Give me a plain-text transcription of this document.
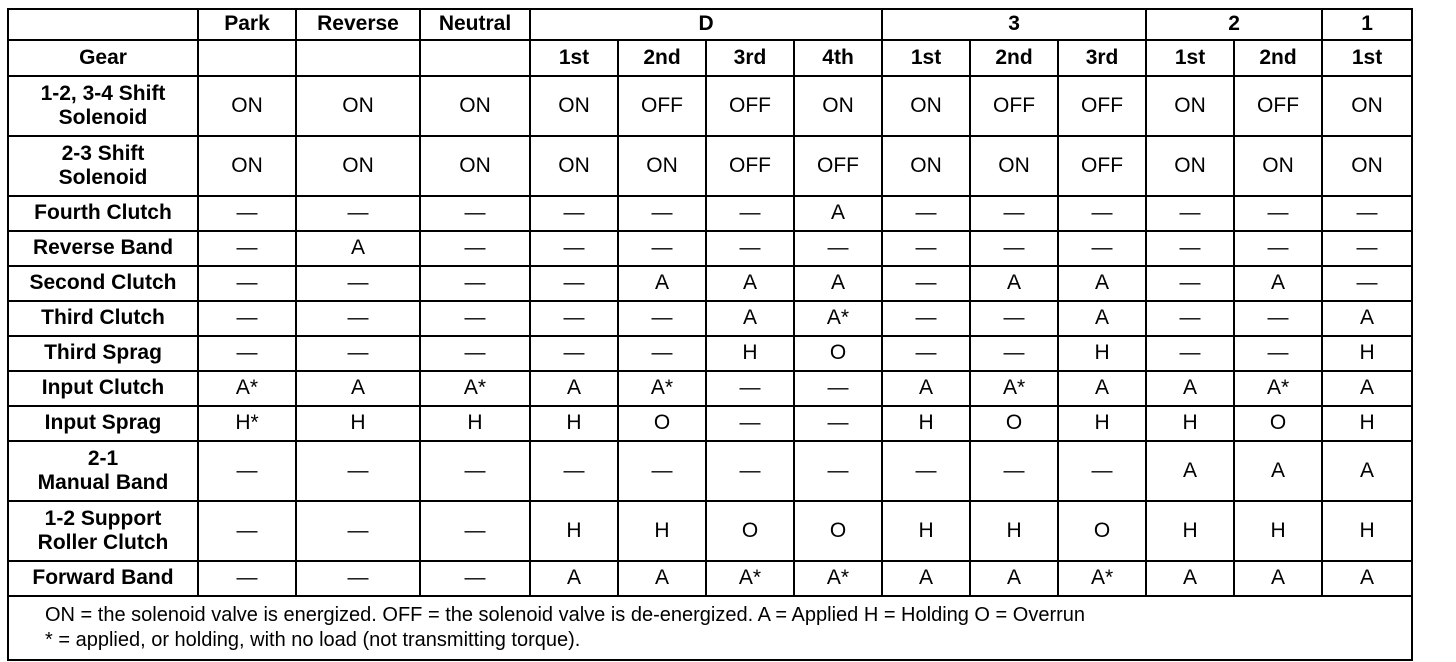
	Park	Reverse	Neutral	D				3			2		1
Gear				1st	2nd	3rd	4th	1st	2nd	3rd	1st	2nd	1st
1-2, 3-4 Shift
Solenoid	ON	ON	ON	ON	OFF	OFF	ON	ON	OFF	OFF	ON	OFF	ON
2-3 Shift
Solenoid	ON	ON	ON	ON	ON	OFF	OFF	ON	ON	OFF	ON	ON	ON
Fourth Clutch	—	—	—	—	—	—	A	—	—	—	—	—	—
Reverse Band	—	A	—	—	—	—	—	—	—	—	—	—	—
Second Clutch	—	—	—	—	A	A	A	—	A	A	—	A	—
Third Clutch	—	—	—	—	—	A	A*	—	—	A	—	—	A
Third Sprag	—	—	—	—	—	H	O	—	—	H	—	—	H
Input Clutch	A*	A	A*	A	A*	—	—	A	A*	A	A	A*	A
Input Sprag	H*	H	H	H	O	—	—	H	O	H	H	O	H
2-1
Manual Band	—	—	—	—	—	—	—	—	—	—	A	A	A
1-2 Support
Roller Clutch	—	—	—	H	H	O	O	H	H	O	H	H	H
Forward Band	—	—	—	A	A	A*	A*	A	A	A*	A	A	A

ON = the solenoid valve is energized. OFF = the solenoid valve is de-energized. A = Applied H = Holding O = Overrun
* = applied, or holding, with no load (not transmitting torque).													
